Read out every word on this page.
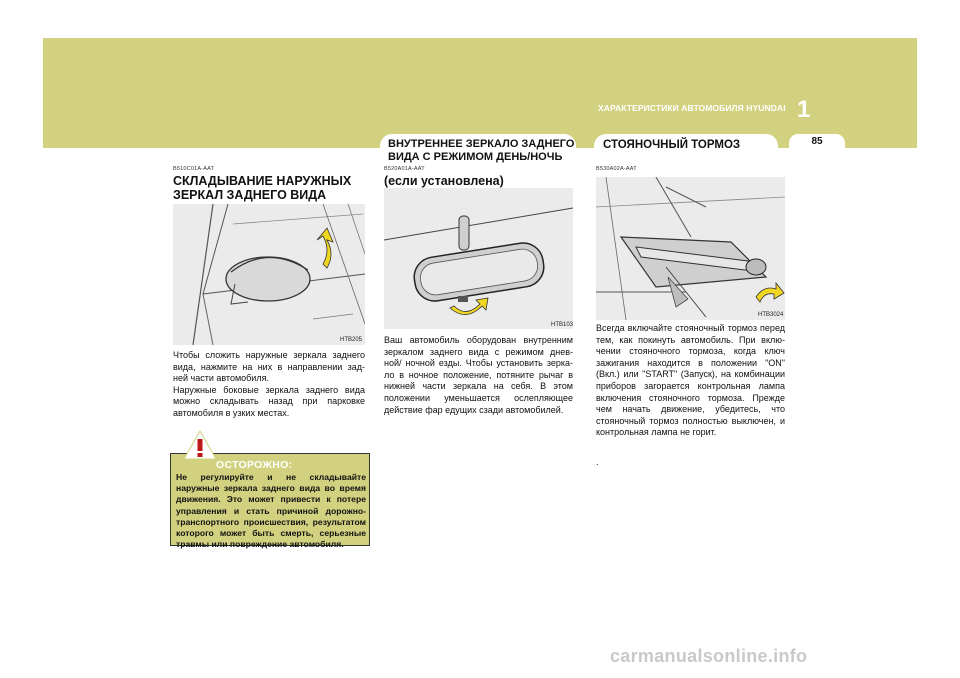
ХАРАКТЕРИСТИКИ АВТОМОБИЛЯ HYUNDAI 1
85
ВНУТРЕННЕЕ ЗЕРКАЛО ЗАДНЕГО
ВИДА С РЕЖИМОМ ДЕНЬ/НОЧЬ
СТОЯНОЧНЫЙ ТОРМОЗ
B510C01A-AAT
СКЛАДЫВАНИЕ НАРУЖНЫХ
ЗЕРКАЛ ЗАДНЕГО ВИДА
HTB205

Чтобы сложить наружные зеркала заднего вида, нажмите на них в направлении зад- ней части автомобиля.

Наружные боковые зеркала заднего вида можно складывать назад при парковке автомобиля в узких местах.

ОСТОРОЖНО:
Не регулируйте и не складывайте наружные зеркала заднего вида во время движения. Это может привести к потере управления и стать причиной дорожно-транспортного происшествия, результатом которого может быть смерть, серьезные травмы или повреждение автомобиля.
B520A01A-AAT
(если установлена)
HTB103
Ваш автомобиль оборудован внутренним зеркалом заднего вида с режимом днев- ной/ ночной езды. Чтобы установить зерка- ло в ночное положение, потяните рычаг в нижней части зеркала на себя. В этом положении уменьшается ослепляющее действие фар едущих сзади автомобилей.
B530A02A-AAT
HTB3024
Всегда включайте стояночный тормоз перед тем, как покинуть автомобиль. При вклю- чении стояночного тормоза, когда ключ зажигания находится в положении "ON" (Вкл.) или "START" (Запуск), на комбинации приборов загорается контрольная лампа включения стояночного тормоза. Прежде чем начать движение, убедитесь, что стояночный тормоз полностью выключен, и контрольная лампа не горит.
.
carmanualsonline.info
